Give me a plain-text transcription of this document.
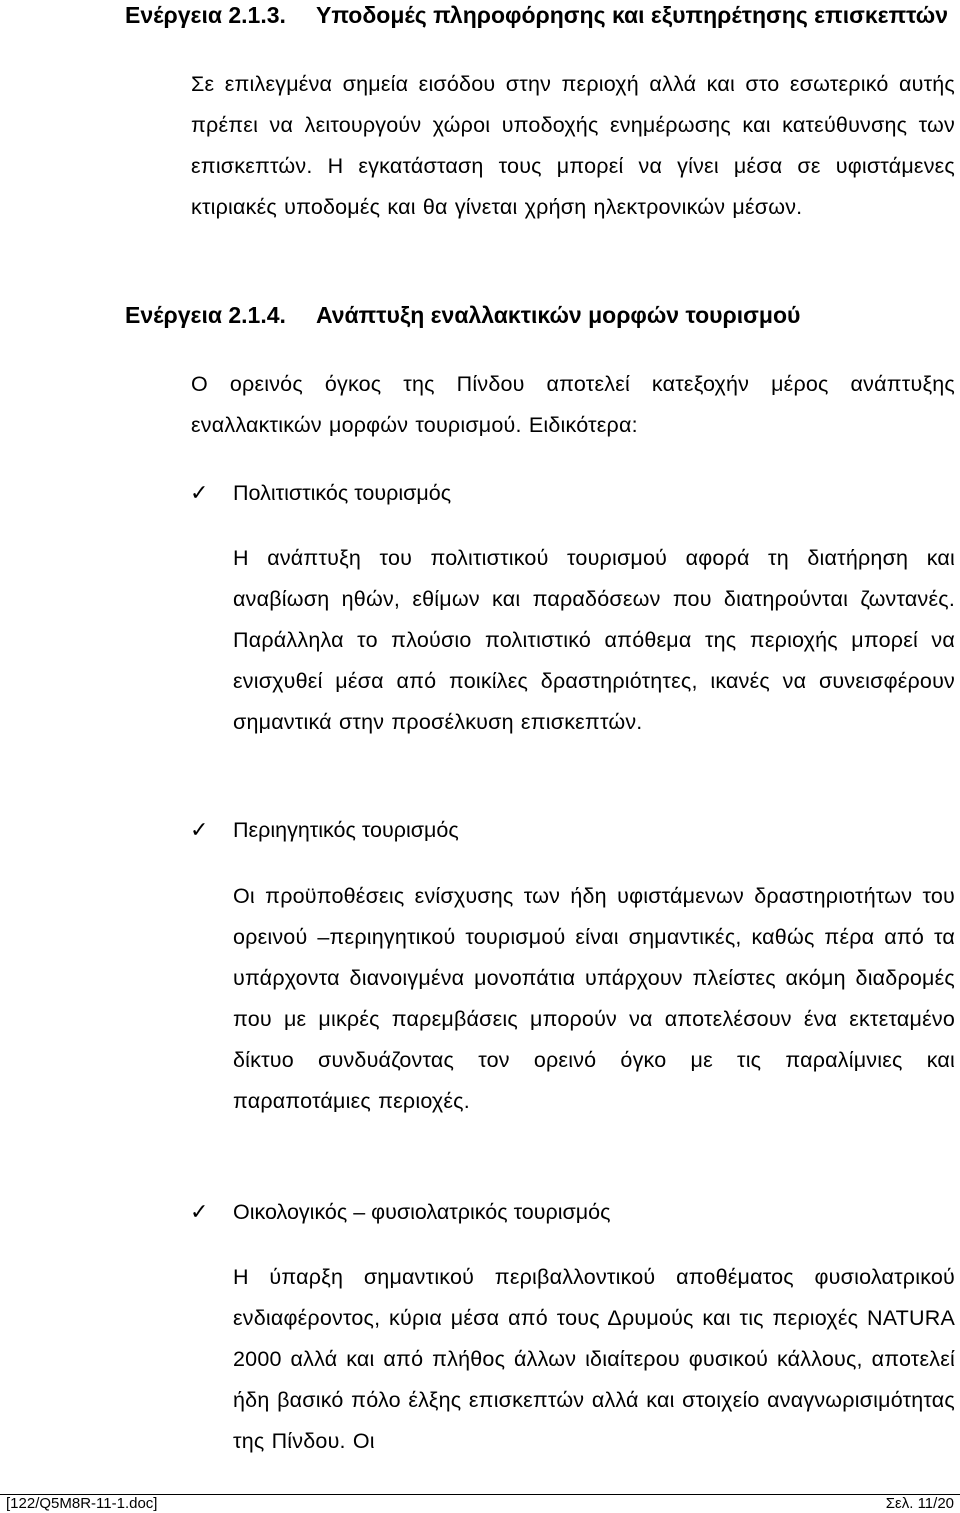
Ενέργεια 2.1.3. Υποδομές πληροφόρησης και εξυπηρέτησης επισκεπτών

Σε επιλεγμένα σημεία εισόδου στην περιοχή αλλά και στο εσωτερικό αυτής πρέπει να λειτουργούν χώροι υποδοχής ενημέρωσης και κατεύθυνσης των επισκεπτών. Η εγκατάσταση τους μπορεί να γίνει μέσα σε υφιστάμενες κτιριακές υποδομές και θα γίνεται χρήση ηλεκτρονικών μέσων.

Ενέργεια 2.1.4. Ανάπτυξη εναλλακτικών μορφών τουρισμού

Ο ορεινός όγκος της Πίνδου αποτελεί κατεξοχήν μέρος ανάπτυξης εναλλακτικών μορφών τουρισμού. Ειδικότερα:

✓ Πολιτιστικός τουρισμός

Η ανάπτυξη του πολιτιστικού τουρισμού αφορά τη διατήρηση και αναβίωση ηθών, εθίμων και παραδόσεων που διατηρούνται ζωντανές. Παράλληλα το πλούσιο πολιτιστικό απόθεμα της περιοχής μπορεί να ενισχυθεί μέσα από ποικίλες δραστηριότητες, ικανές να συνεισφέρουν σημαντικά στην προσέλκυση επισκεπτών.

✓ Περιηγητικός τουρισμός

Οι προϋποθέσεις ενίσχυσης των ήδη υφιστάμενων δραστηριοτήτων του ορεινού –περιηγητικού τουρισμού είναι σημαντικές, καθώς πέρα από τα υπάρχοντα διανοιγμένα μονοπάτια υπάρχουν πλείστες ακόμη διαδρομές που με μικρές παρεμβάσεις μπορούν να αποτελέσουν ένα εκτεταμένο δίκτυο συνδυάζοντας τον ορεινό όγκο με τις παραλίμνιες και παραποτάμιες περιοχές.

✓ Οικολογικός – φυσιολατρικός τουρισμός

Η ύπαρξη σημαντικού περιβαλλοντικού αποθέματος φυσιολατρικού ενδιαφέροντος, κύρια μέσα από τους Δρυμούς και τις περιοχές NATURA 2000 αλλά και από πλήθος άλλων ιδιαίτερου φυσικού κάλλους, αποτελεί ήδη βασικό πόλο έλξης επισκεπτών αλλά και στοιχείο αναγνωρισιμότητας της Πίνδου. Οι

[122/Q5M8R-11-1.doc]	Σελ. 11/20
